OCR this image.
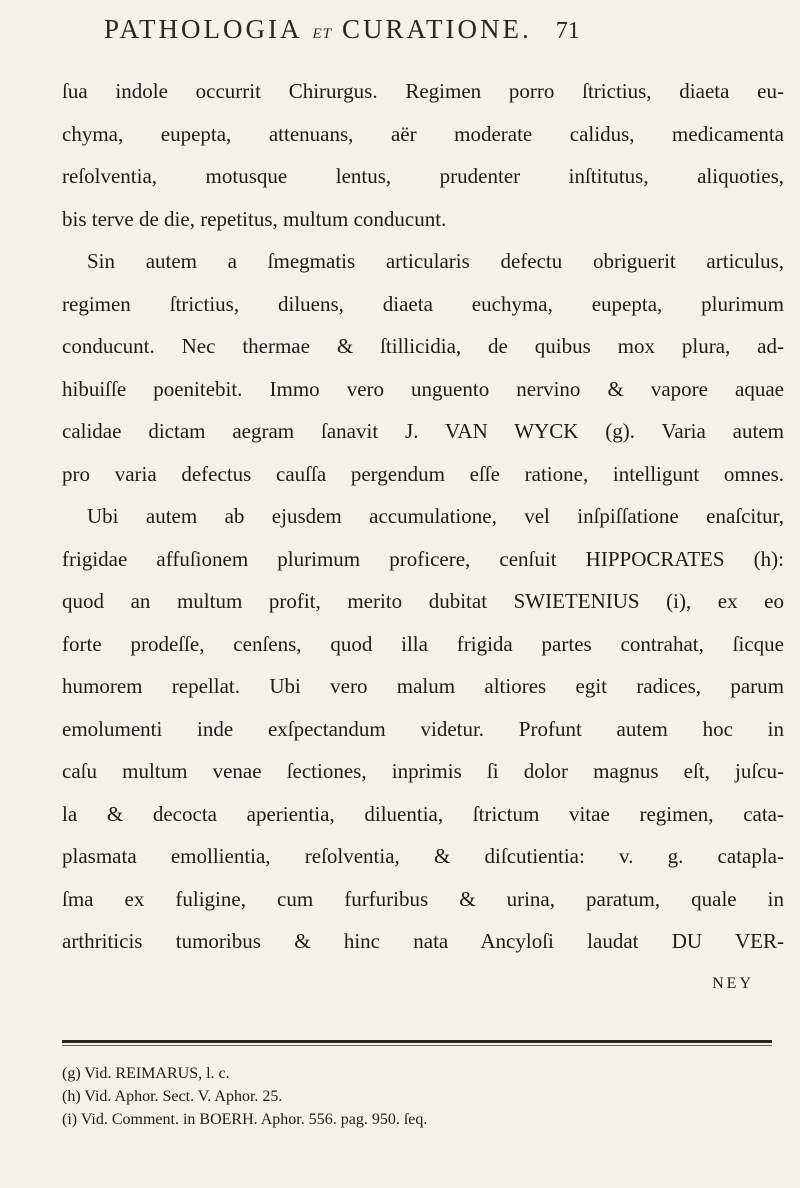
PATHOLOGIA ET CURATIONE. 71
ſua indole occurrit Chirurgus. Regimen porro ſtrictius, diaeta eu-
chyma, eupepta, attenuans, aër moderate calidus, medicamenta
reſolventia, motusque lentus, prudenter inſtitutus, aliquoties,
bis terve de die, repetitus, multum conducunt.
Sin autem a ſmegmatis articularis defectu obriguerit articulus,
regimen ſtrictius, diluens, diaeta euchyma, eupepta, plurimum
conducunt. Nec thermae & ſtillicidia, de quibus mox plura, ad-
hibuiſſe poenitebit. Immo vero unguento nervino & vapore aquae
calidae dictam aegram ſanavit J. VAN WYCK (g). Varia autem
pro varia defectus cauſſa pergendum eſſe ratione, intelligunt omnes.
Ubi autem ab ejusdem accumulatione, vel inſpiſſatione enaſcitur,
frigidae affuſionem plurimum proficere, cenſuit HIPPOCRATES (h):
quod an multum profit, merito dubitat SWIETENIUS (i), ex eo
forte prodeſſe, cenſens, quod illa frigida partes contrahat, ſicque
humorem repellat. Ubi vero malum altiores egit radices, parum
emolumenti inde exſpectandum videtur. Profunt autem hoc in
caſu multum venae ſectiones, inprimis ſi dolor magnus eſt, juſcu-
la & decocta aperientia, diluentia, ſtrictum vitae regimen, cata-
plasmata emollientia, reſolventia, & diſcutientia: v. g. catapla-
ſma ex fuligine, cum furfuribus & urina, paratum, quale in
arthriticis tumoribus & hinc nata Ancyloſi laudat DU VER-
NEY
(g) Vid. REIMARUS, l. c.
(h) Vid. Aphor. Sect. V. Aphor. 25.
(i) Vid. Comment. in BOERH. Aphor. 556. pag. 950. ſeq.
